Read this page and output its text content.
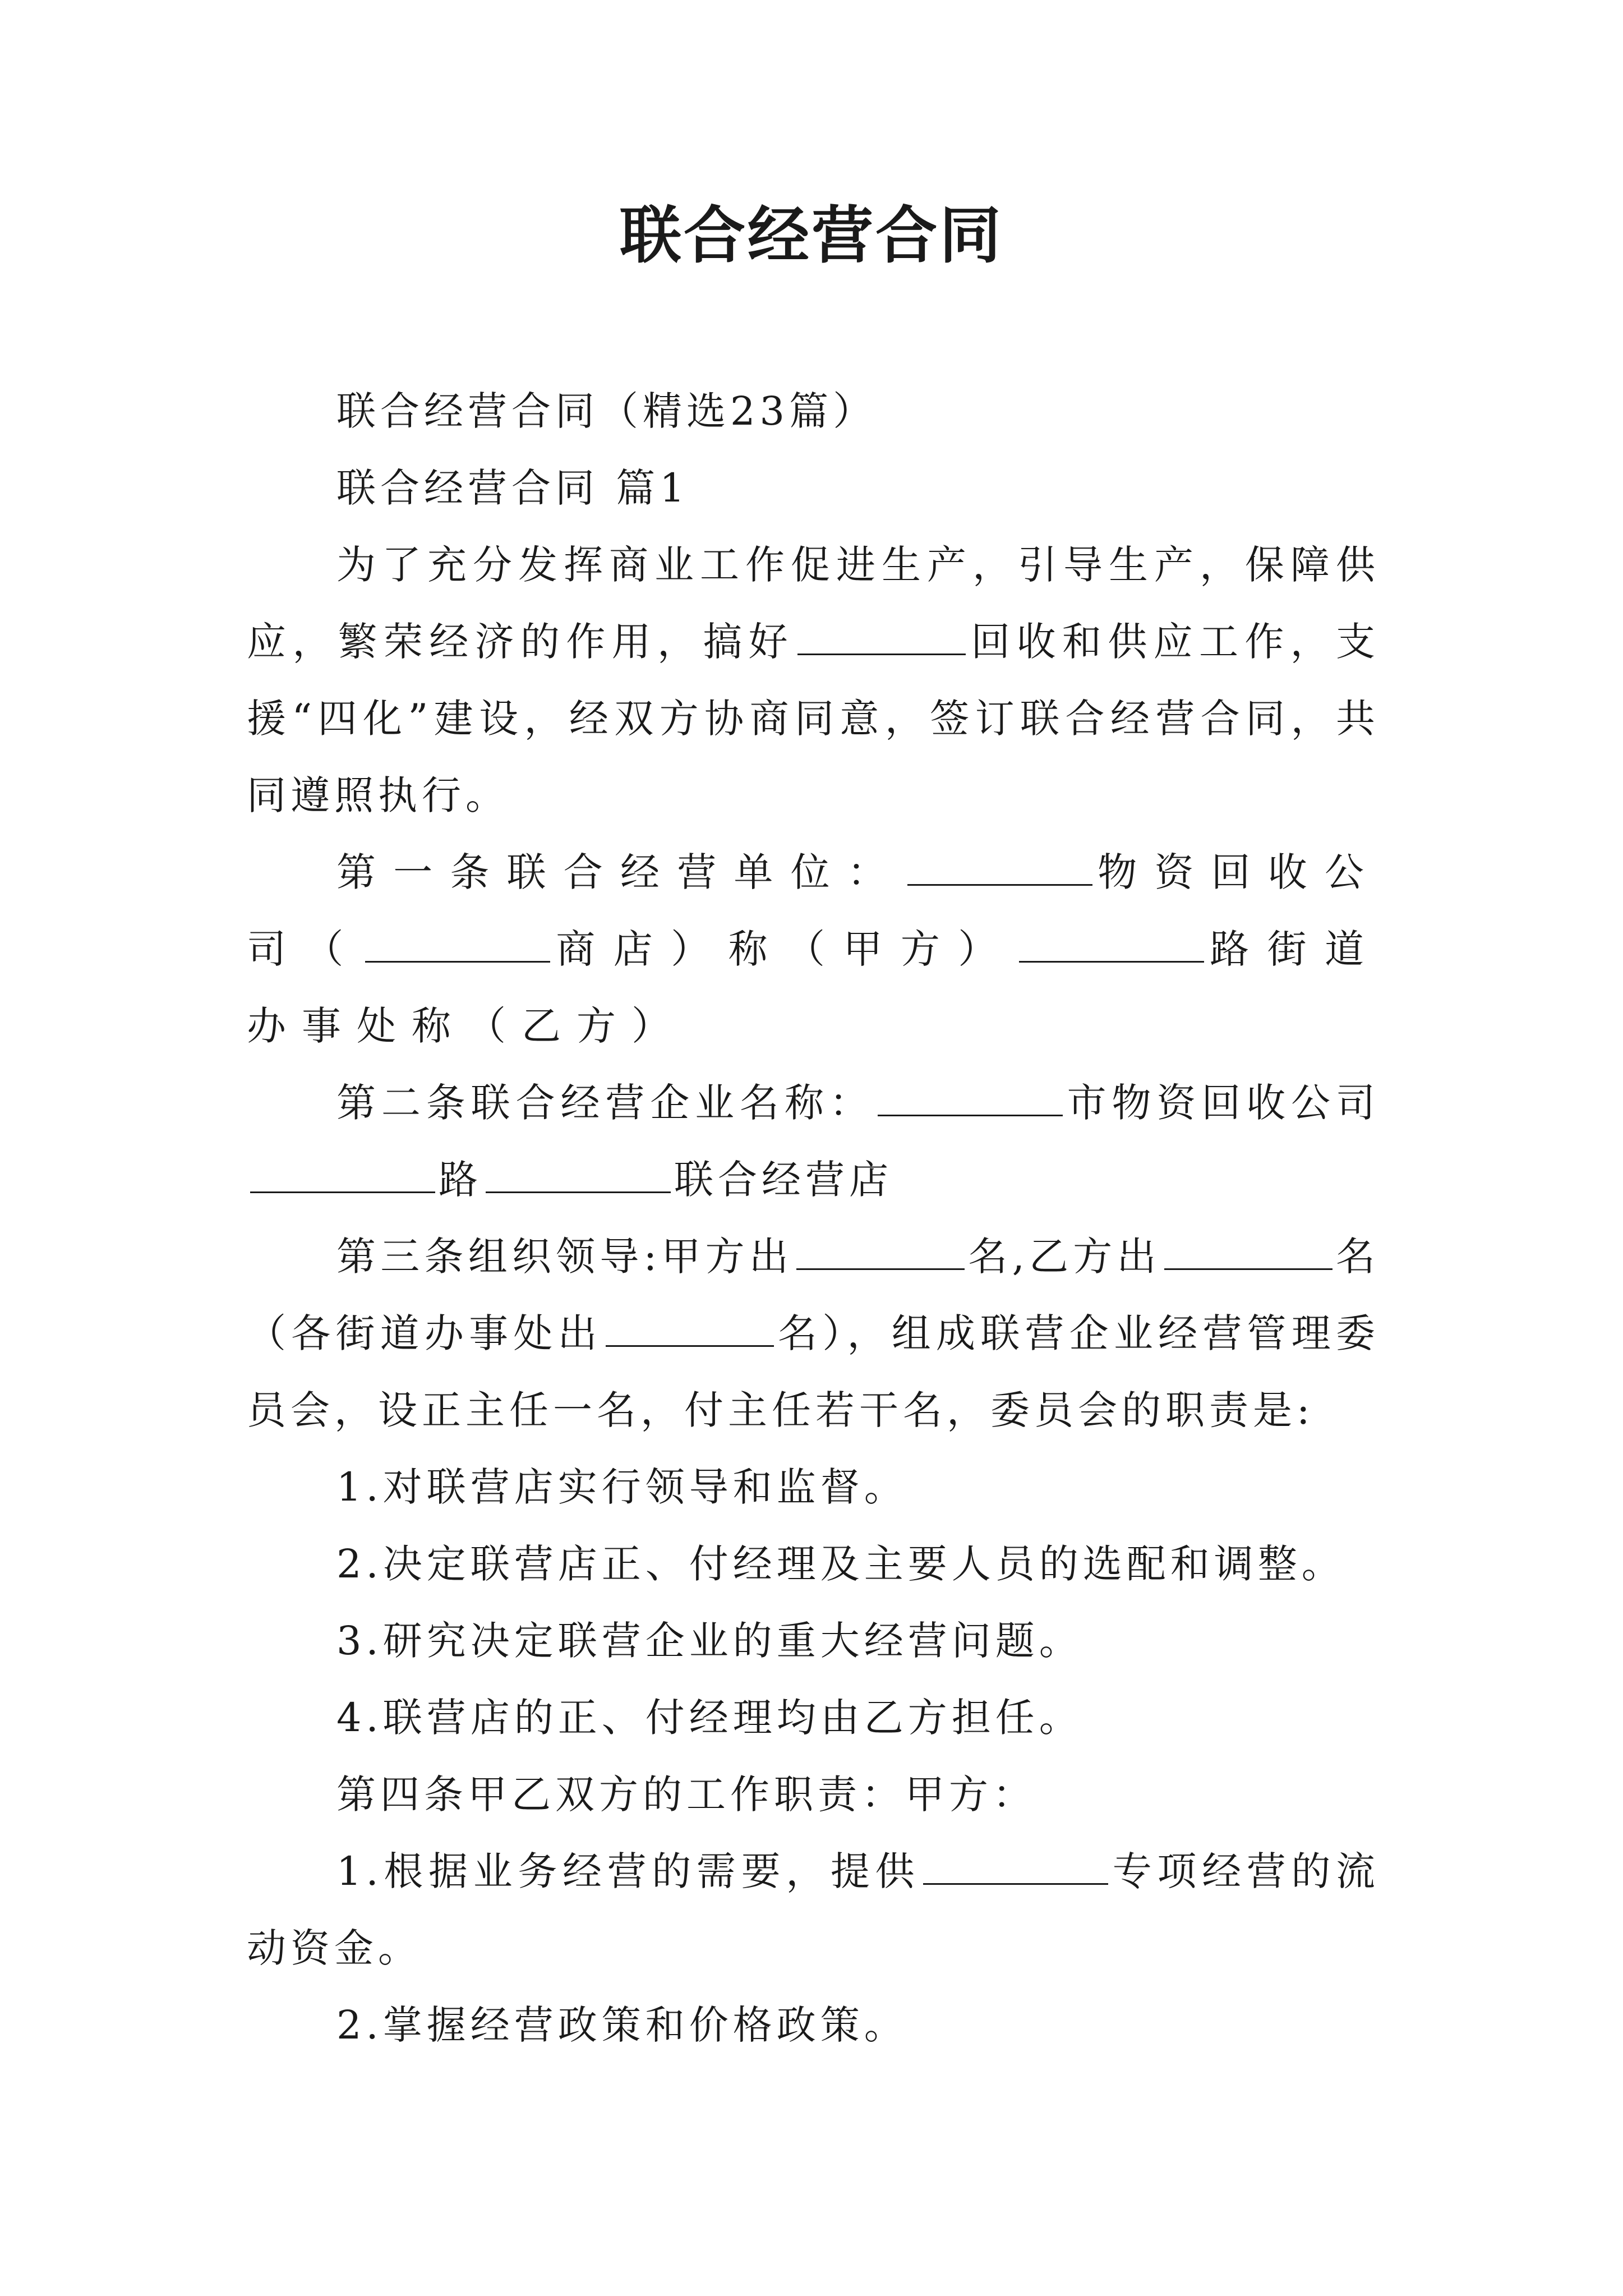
联合经营合同

联合经营合同（精选23篇）

联合经营合同 篇1

为了充分发挥商业工作促进生产，引导生产，保障供应，繁荣经济的作用，搞好	回收和供应工作，支援“四化”建设，经双方协商同意，签订联合经营合同，共同遵照执行。

第一条联合经营单位：	物资回收公司（	商店）称（甲方）	路街道办事处称（乙方）

第二条联合经营企业名称：	市物资回收公司路	联合经营店

第三条组织领导:甲方出	名,乙方出	名（各街道办事处出	名），组成联营企业经营管理委员会，设正主任一名，付主任若干名，委员会的职责是:

1.对联营店实行领导和监督。

2.决定联营店正、付经理及主要人员的选配和调整。

3.研究决定联营企业的重大经营问题。

4.联营店的正、付经理均由乙方担任。

第四条甲乙双方的工作职责：甲方：

1.根据业务经营的需要，提供	专项经营的流动资金。

2.掌握经营政策和价格政策。
